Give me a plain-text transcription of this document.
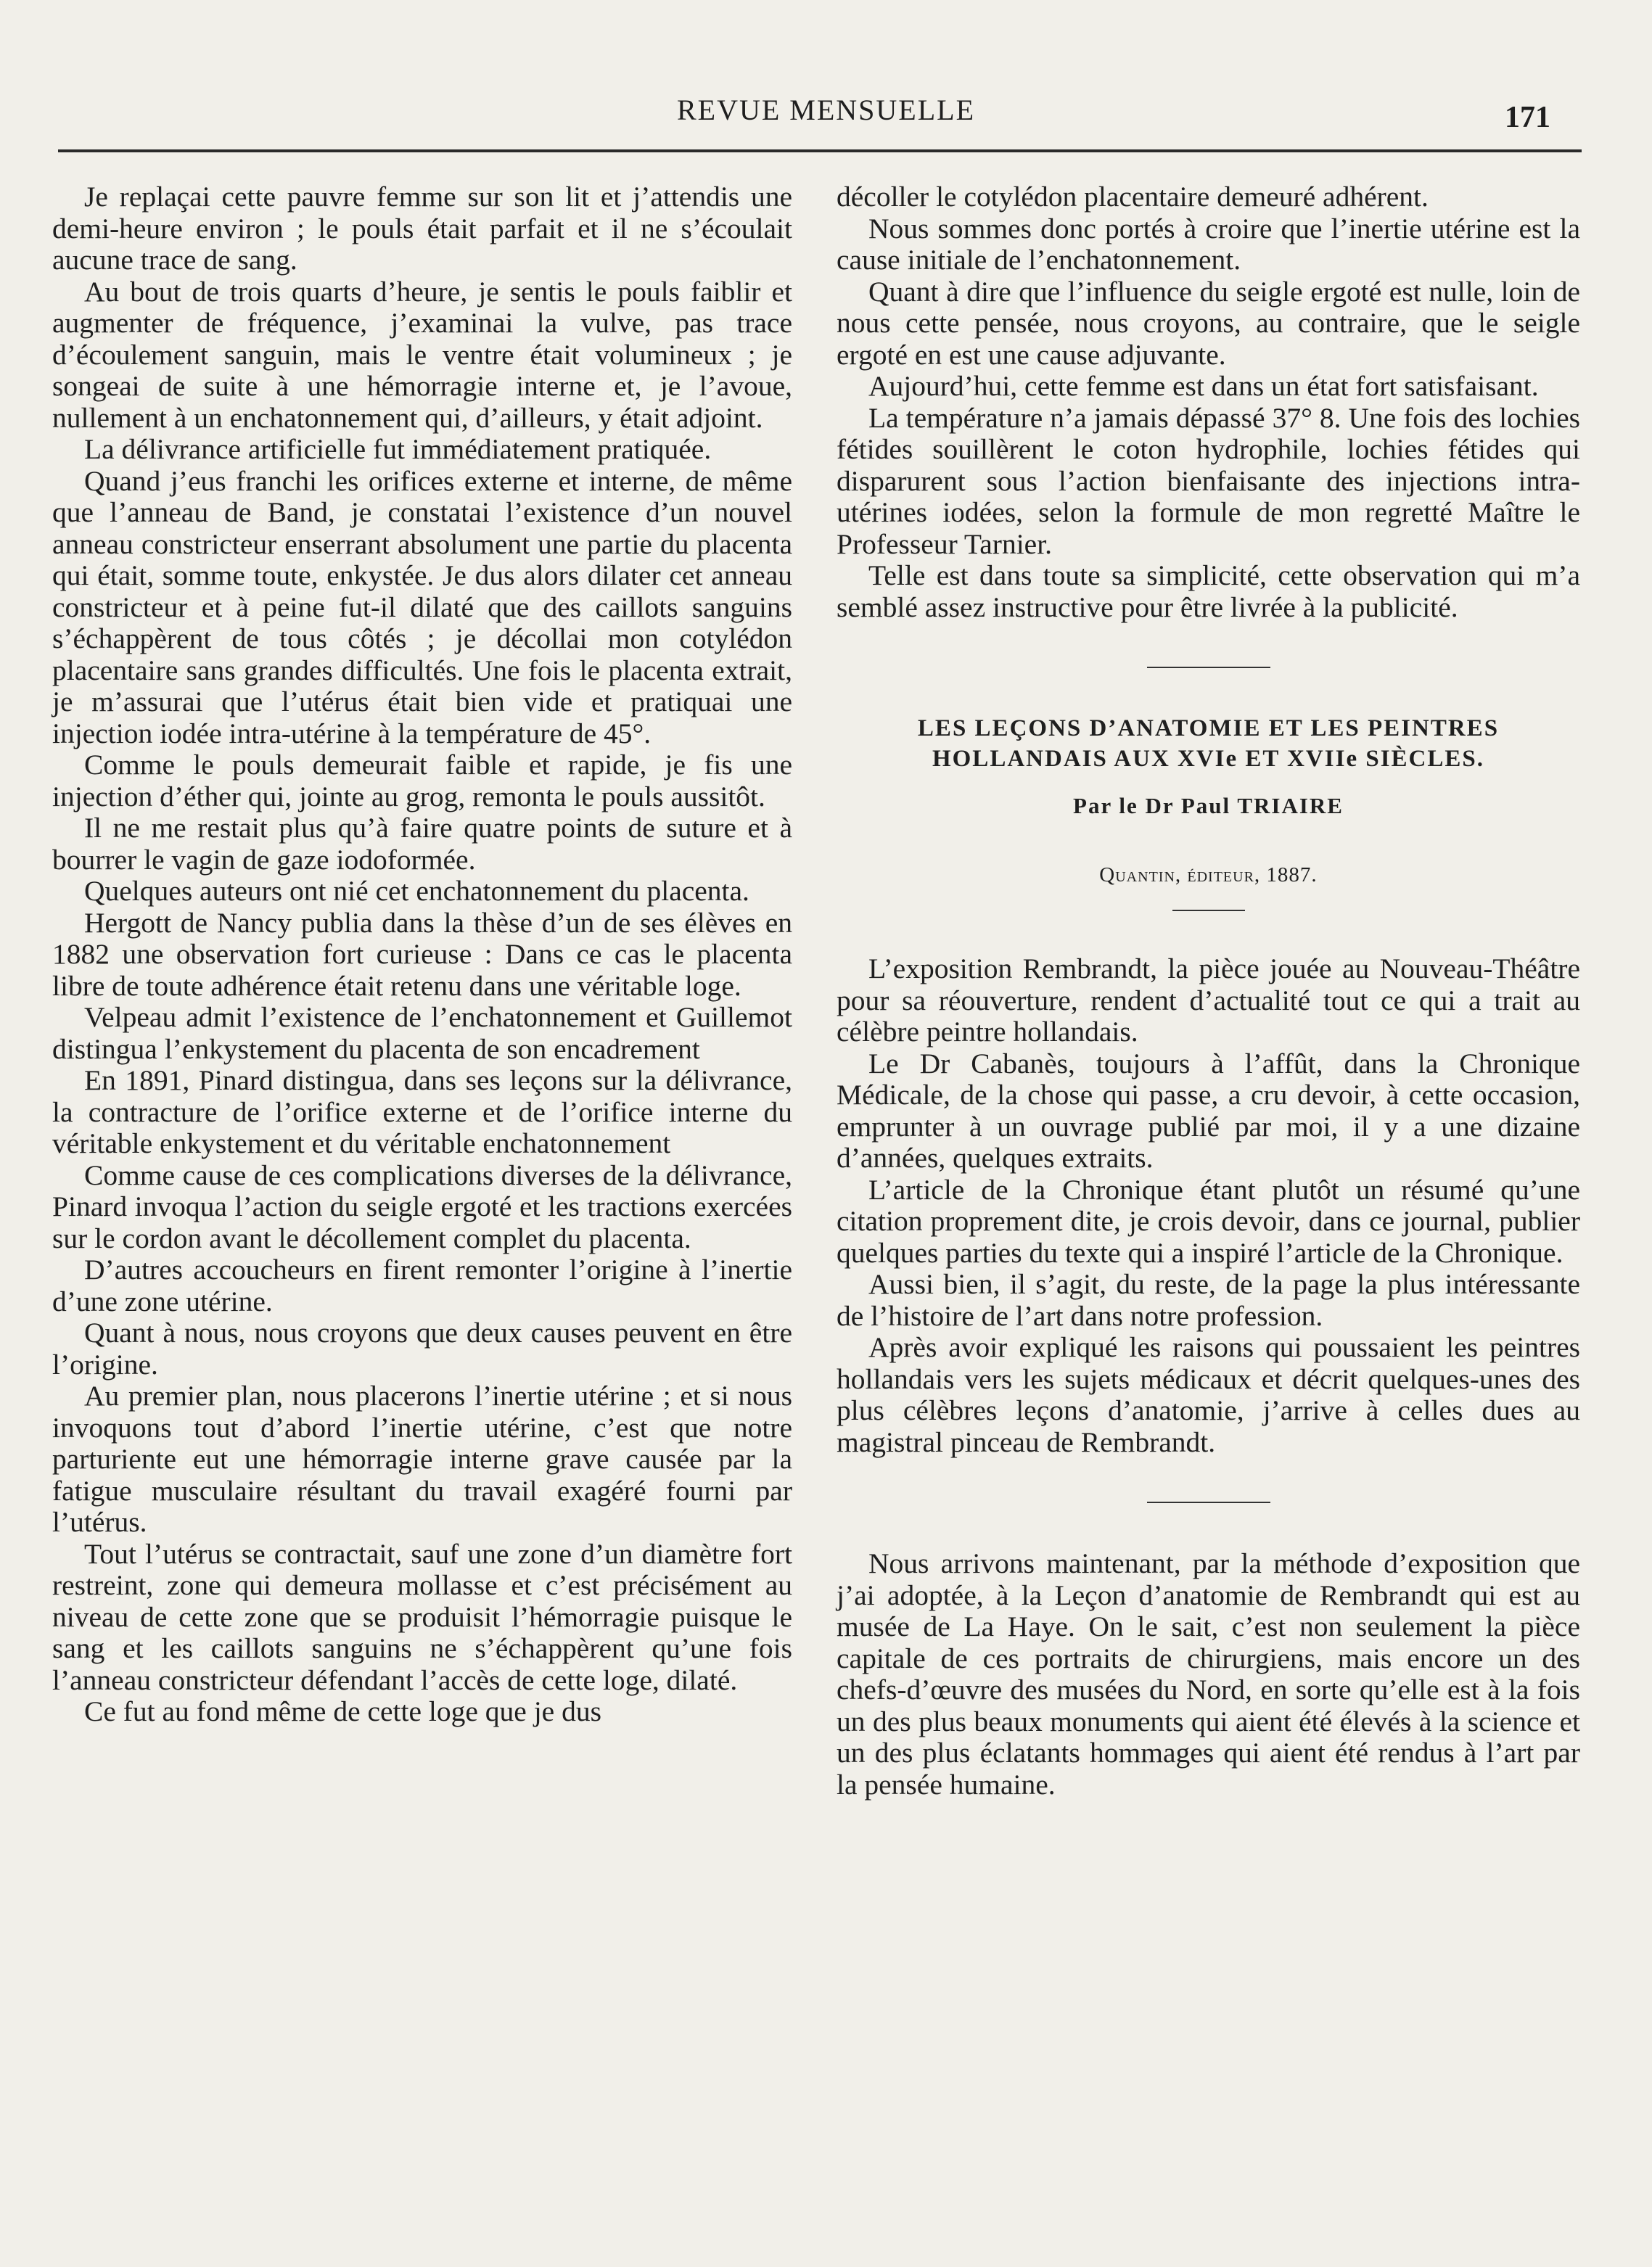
REVUE MENSUELLE	171

Je replaçai cette pauvre femme sur son lit et j’attendis une demi-heure environ ; le pouls était parfait et il ne s’écoulait aucune trace de sang.

Au bout de trois quarts d’heure, je sentis le pouls faiblir et augmenter de fréquence, j’examinai la vulve, pas trace d’écoulement sanguin, mais le ventre était volumineux ; je songeai de suite à une hémorragie interne et, je l’avoue, nullement à un enchatonnement qui, d’ailleurs, y était adjoint.

La délivrance artificielle fut immédiatement pratiquée.

Quand j’eus franchi les orifices externe et interne, de même que l’anneau de Band, je constatai l’existence d’un nouvel anneau constricteur enserrant absolument une partie du placenta qui était, somme toute, enkystée. Je dus alors dilater cet anneau constricteur et à peine fut-il dilaté que des caillots sanguins s’échappèrent de tous côtés ; je décollai mon cotylédon placentaire sans grandes difficultés. Une fois le placenta extrait, je m’assurai que l’utérus était bien vide et pratiquai une injection iodée intra-utérine à la température de 45°.

Comme le pouls demeurait faible et rapide, je fis une injection d’éther qui, jointe au grog, remonta le pouls aussitôt.

Il ne me restait plus qu’à faire quatre points de suture et à bourrer le vagin de gaze iodoformée.

Quelques auteurs ont nié cet enchatonnement du placenta.

Hergott de Nancy publia dans la thèse d’un de ses élèves en 1882 une observation fort curieuse : Dans ce cas le placenta libre de toute adhérence était retenu dans une véritable loge.

Velpeau admit l’existence de l’enchatonnement et Guillemot distingua l’enkystement du placenta de son encadrement

En 1891, Pinard distingua, dans ses leçons sur la délivrance, la contracture de l’orifice externe et de l’orifice interne du véritable enkystement et du véritable enchatonnement

Comme cause de ces complications diverses de la délivrance, Pinard invoqua l’action du seigle ergoté et les tractions exercées sur le cordon avant le décollement complet du placenta.

D’autres accoucheurs en firent remonter l’origine à l’inertie d’une zone utérine.

Quant à nous, nous croyons que deux causes peuvent en être l’origine.

Au premier plan, nous placerons l’inertie utérine ; et si nous invoquons tout d’abord l’inertie utérine, c’est que notre parturiente eut une hémorragie interne grave causée par la fatigue musculaire résultant du travail exagéré fourni par l’utérus.

Tout l’utérus se contractait, sauf une zone d’un diamètre fort restreint, zone qui demeura mollasse et c’est précisément au niveau de cette zone que se produisit l’hémorragie puisque le sang et les caillots sanguins ne s’échappèrent qu’une fois l’anneau constricteur défendant l’accès de cette loge, dilaté.

Ce fut au fond même de cette loge que je dus

décoller le cotylédon placentaire demeuré adhérent.

Nous sommes donc portés à croire que l’inertie utérine est la cause initiale de l’enchatonnement.

Quant à dire que l’influence du seigle ergoté est nulle, loin de nous cette pensée, nous croyons, au contraire, que le seigle ergoté en est une cause adjuvante.

Aujourd’hui, cette femme est dans un état fort satisfaisant.

La température n’a jamais dépassé 37° 8. Une fois des lochies fétides souillèrent le coton hydrophile, lochies fétides qui disparurent sous l’action bienfaisante des injections intra-utérines iodées, selon la formule de mon regretté Maître le Professeur Tarnier.

Telle est dans toute sa simplicité, cette observation qui m’a semblé assez instructive pour être livrée à la publicité.

LES LEÇONS D’ANATOMIE ET LES PEINTRES
HOLLANDAIS AUX XVIe ET XVIIe SIÈCLES.
Par le Dr Paul TRIAIRE
Quantin, éditeur, 1887.

L’exposition Rembrandt, la pièce jouée au Nouveau-Théâtre pour sa réouverture, rendent d’actualité tout ce qui a trait au célèbre peintre hollandais.

Le Dr Cabanès, toujours à l’affût, dans la Chronique Médicale, de la chose qui passe, a cru devoir, à cette occasion, emprunter à un ouvrage publié par moi, il y a une dizaine d’années, quelques extraits.

L’article de la Chronique étant plutôt un résumé qu’une citation proprement dite, je crois devoir, dans ce journal, publier quelques parties du texte qui a inspiré l’article de la Chronique.

Aussi bien, il s’agit, du reste, de la page la plus intéressante de l’histoire de l’art dans notre profession.

Après avoir expliqué les raisons qui poussaient les peintres hollandais vers les sujets médicaux et décrit quelques-unes des plus célèbres leçons d’anatomie, j’arrive à celles dues au magistral pinceau de Rembrandt.

Nous arrivons maintenant, par la méthode d’exposition que j’ai adoptée, à la Leçon d’anatomie de Rembrandt qui est au musée de La Haye. On le sait, c’est non seulement la pièce capitale de ces portraits de chirurgiens, mais encore un des chefs-d’œuvre des musées du Nord, en sorte qu’elle est à la fois un des plus beaux monuments qui aient été élevés à la science et un des plus éclatants hommages qui aient été rendus à l’art par la pensée humaine.
